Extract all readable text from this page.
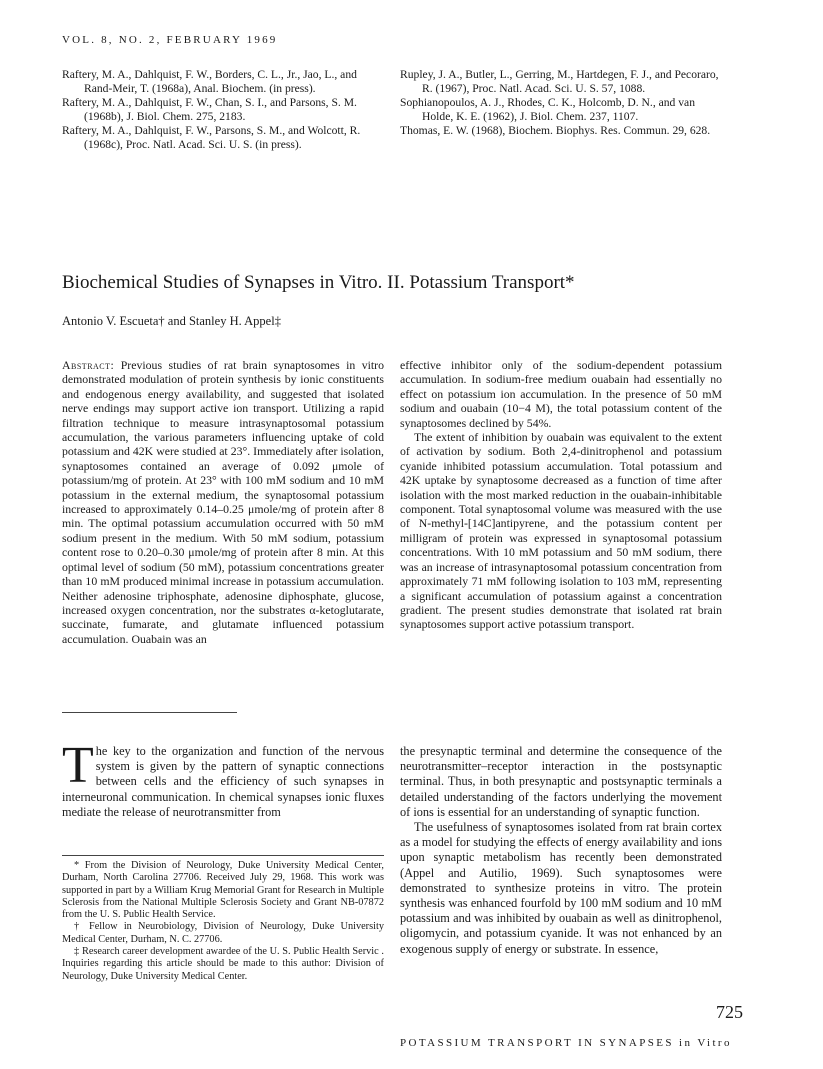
VOL. 8, NO. 2, FEBRUARY 1969

Raftery, M. A., Dahlquist, F. W., Borders, C. L., Jr., Jao, L., and Rand-Meir, T. (1968a), Anal. Biochem. (in press).

Raftery, M. A., Dahlquist, F. W., Chan, S. I., and Parsons, S. M. (1968b), J. Biol. Chem. 275, 2183.

Raftery, M. A., Dahlquist, F. W., Parsons, S. M., and Wolcott, R. (1968c), Proc. Natl. Acad. Sci. U. S. (in press).

Rupley, J. A., Butler, L., Gerring, M., Hartdegen, F. J., and Pecoraro, R. (1967), Proc. Natl. Acad. Sci. U. S. 57, 1088.

Sophianopoulos, A. J., Rhodes, C. K., Holcomb, D. N., and van Holde, K. E. (1962), J. Biol. Chem. 237, 1107.

Thomas, E. W. (1968), Biochem. Biophys. Res. Commun. 29, 628.

Biochemical Studies of Synapses in Vitro. II. Potassium Transport*
Antonio V. Escueta† and Stanley H. Appel‡

Abstract: Previous studies of rat brain synaptosomes in vitro demonstrated modulation of protein synthesis by ionic constituents and endogenous energy availability, and suggested that isolated nerve endings may support active ion transport. Utilizing a rapid filtration technique to measure intrasynaptosomal potassium accumulation, the various parameters influencing uptake of cold potassium and 42K were studied at 23°. Immediately after isolation, synaptosomes contained an average of 0.092 μmole of potassium/mg of protein. At 23° with 100 mM sodium and 10 mM potassium in the external medium, the synaptosomal potassium increased to approximately 0.14–0.25 μmole/mg of protein after 8 min. The optimal potassium accumulation occurred with 50 mM sodium present in the medium. With 50 mM sodium, potassium content rose to 0.20–0.30 μmole/mg of protein after 8 min. At this optimal level of sodium (50 mM), potassium concentrations greater than 10 mM produced minimal increase in potassium accumulation. Neither adenosine triphosphate, adenosine diphosphate, glucose, increased oxygen concentration, nor the substrates α-ketoglutarate, succinate, fumarate, and glutamate influenced potassium accumulation. Ouabain was an

effective inhibitor only of the sodium-dependent potassium accumulation. In sodium-free medium ouabain had essentially no effect on potassium ion accumulation. In the presence of 50 mM sodium and ouabain (10−4 M), the total potassium content of the synaptosomes declined by 54%.

The extent of inhibition by ouabain was equivalent to the extent of activation by sodium. Both 2,4-dinitrophenol and potassium cyanide inhibited potassium accumulation. Total potassium and 42K uptake by synaptosome decreased as a function of time after isolation with the most marked reduction in the ouabain-inhibitable component. Total synaptosomal volume was measured with the use of N-methyl-[14C]antipyrene, and the potassium content per milligram of protein was expressed in synaptosomal potassium concentrations. With 10 mM potassium and 50 mM sodium, there was an increase of intrasynaptosomal potassium concentration from approximately 71 mM following isolation to 103 mM, representing a significant accumulation of potassium against a concentration gradient. The present studies demonstrate that isolated rat brain synaptosomes support active potassium transport.

The key to the organization and function of the nervous system is given by the pattern of synaptic connections between cells and the efficiency of such synapses in interneuronal communication. In chemical synapses ionic fluxes mediate the release of neurotransmitter from

* From the Division of Neurology, Duke University Medical Center, Durham, North Carolina 27706. Received July 29, 1968. This work was supported in part by a William Krug Memorial Grant for Research in Multiple Sclerosis from the National Multiple Sclerosis Society and Grant NB-07872 from the U. S. Public Health Service.

† Fellow in Neurobiology, Division of Neurology, Duke University Medical Center, Durham, N. C. 27706.

‡ Research career development awardee of the U. S. Public Health Servic . Inquiries regarding this article should be made to this author: Division of Neurology, Duke University Medical Center.

the presynaptic terminal and determine the consequence of the neurotransmitter–receptor interaction in the postsynaptic terminal. Thus, in both presynaptic and postsynaptic terminals a detailed understanding of the factors underlying the movement of ions is essential for an understanding of synaptic function.

The usefulness of synaptosomes isolated from rat brain cortex as a model for studying the effects of energy availability and ions upon synaptic metabolism has recently been demonstrated (Appel and Autilio, 1969). Such synaptosomes were demonstrated to synthesize proteins in vitro. The protein synthesis was enhanced fourfold by 100 mM sodium and 10 mM potassium and was inhibited by ouabain as well as dinitrophenol, oligomycin, and potassium cyanide. It was not enhanced by an exogenous supply of energy or substrate. In essence,

725
POTASSIUM TRANSPORT IN SYNAPSES in Vitro
